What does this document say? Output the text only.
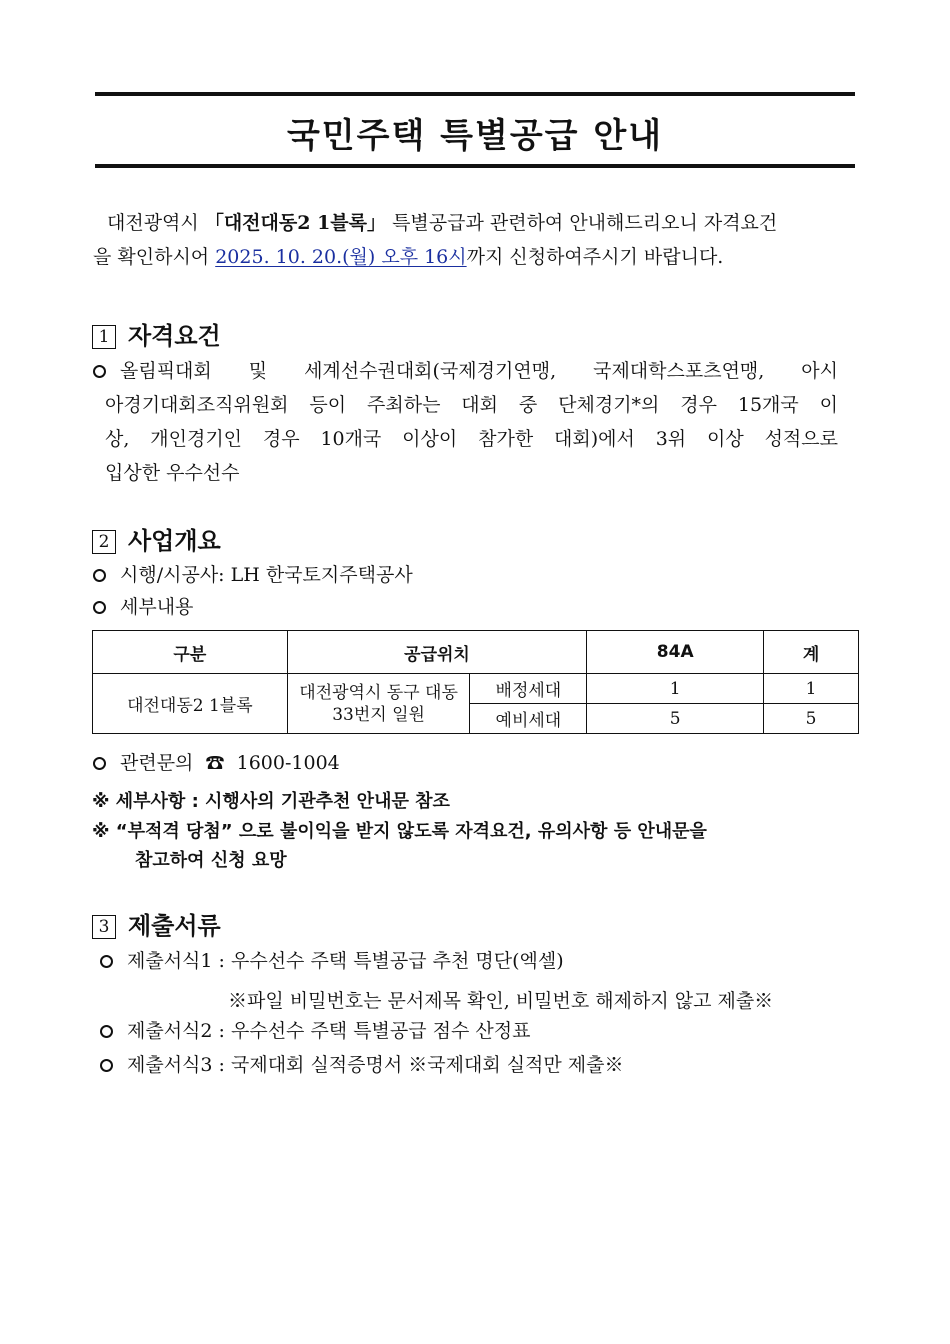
국민주택 특별공급 안내
대전광역시 「대전대동2 1블록」 특별공급과 관련하여 안내해드리오니 자격요건
을 확인하시어 2025. 10. 20.(월) 오후 16시까지 신청하여주시기 바랍니다.
1 자격요건
올림픽대회 및 세계선수권대회(국제경기연맹, 국제대학스포츠연맹, 아시
아경기대회조직위원회 등이 주최하는 대회 중 단체경기*의 경우 15개국 이
상, 개인경기인 경우 10개국 이상이 참가한 대회)에서 3위 이상 성적으로
입상한 우수선수
2 사업개요
시행/시공사: LH 한국토지주택공사
세부내용
구분	공급위치		84A	계
대전대동2 1블록	대전광역시 동구 대동
33번지 일원	배정세대	1	1
		예비세대	5	5
관련문의 ☎ 1600-1004
※ 세부사항 : 시행사의 기관추천 안내문 참조
※ “부적격 당첨” 으로 불이익을 받지 않도록 자격요건, 유의사항 등 안내문을
참고하여 신청 요망
3 제출서류
제출서식1 : 우수선수 주택 특별공급 추천 명단(엑셀)
※파일 비밀번호는 문서제목 확인, 비밀번호 해제하지 않고 제출※
제출서식2 : 우수선수 주택 특별공급 점수 산정표
제출서식3 : 국제대회 실적증명서 ※국제대회 실적만 제출※
